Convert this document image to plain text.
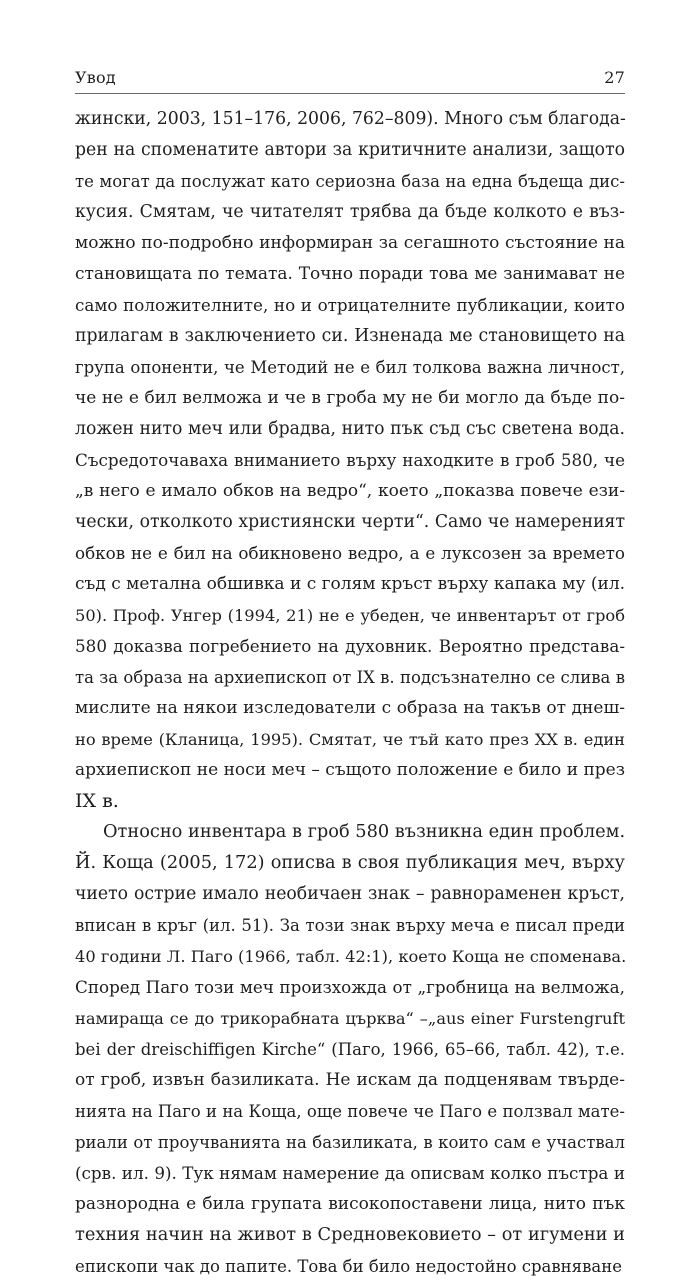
Увод	27
жински, 2003, 151–176, 2006, 762–809). Много съм благода-
рен на споменатите автори за критичните анализи, защото
те могат да послужат като сериозна база на една бъдеща дис-
кусия. Смятам, че читателят трябва да бъде колкото е въз-
можно по-подробно информиран за сегашното състояние на
становищата по темата. Точно поради това ме занимават не
само положителните, но и отрицателните публикации, които
прилагам в заключението си. Изненада ме становището на
група опоненти, че Методий не е бил толкова важна личност,
че не е бил велможа и че в гроба му не би могло да бъде по-
ложен нито меч или брадва, нито пък съд със светена вода.
Съсредоточаваха вниманието върху находките в гроб 580, че
„в него е имало обков на ведро“, което „показва повече ези-
чески, отколкото християнски черти“. Само че намереният
обков не е бил на обикновено ведро, а е луксозен за времето
съд с метална обшивка и с голям кръст върху капака му (ил.
50). Проф. Унгер (1994, 21) не е убеден, че инвентарът от гроб
580 доказва погребението на духовник. Вероятно представа-
та за образа на архиепископ от IX в. подсъзнателно се слива в
мислите на някои изследователи с образа на такъв от днеш-
но време (Кланица, 1995). Смятат, че тъй като през XX в. един
архиепископ не носи меч – същото положение е било и през
IX в.
Относно инвентара в гроб 580 възникна един проблем.
Й. Коща (2005, 172) описва в своя публикация меч, върху
чието острие имало необичаен знак – равнораменен кръст,
вписан в кръг (ил. 51). За този знак върху меча е писал преди
40 години Л. Паго (1966, табл. 42:1), което Коща не споменава.
Според Паго този меч произхожда от „гробница на велможа,
намираща се до трикорабната църква“ –„aus einer Furstengruft
bei der dreischiffigen Kirche“ (Паго, 1966, 65–66, табл. 42), т.е.
от гроб, извън базиликата. Не искам да подценявам твърде-
нията на Паго и на Коща, още повече че Паго е ползвал мате-
риали от проучванията на базиликата, в които сам е участвал
(срв. ил. 9). Тук нямам намерение да описвам колко пъстра и
разнородна е била групата високопоставени лица, нито пък
техния начин на живот в Средновековието – от игумени и
епископи чак до папите. Това би било недостойно сравняване
